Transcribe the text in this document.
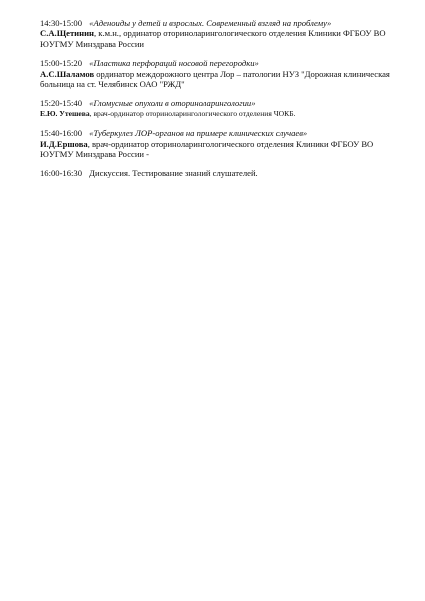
14:30-15:00 «Аденоиды у детей и взрослых. Современный взгляд на проблему»
С.А.Щетинин, к.м.н., ординатор оториноларингологического отделения Клиники ФГБОУ ВО
ЮУГМУ Минздрава России
15:00-15:20 «Пластика перфораций носовой перегородки»
А.С.Шаламов ординатор междорожного центра Лор – патологии НУЗ "Дорожная клиническая
больница на ст. Челябинск ОАО "РЖД"
15:20-15:40 «Гломусные опухоли в оториноларингологии»
Е.Ю. Утешева, врач-ординатор оториноларингологического отделения ЧОКБ.
15:40-16:00 «Туберкулез ЛОР-органов на примере клинических случаев»
И.Д.Ершова, врач-ординатор оториноларингологического отделения Клиники ФГБОУ ВО
ЮУГМУ Минздрава России -
16:00-16:30 Дискуссия. Тестирование знаний слушателей.
